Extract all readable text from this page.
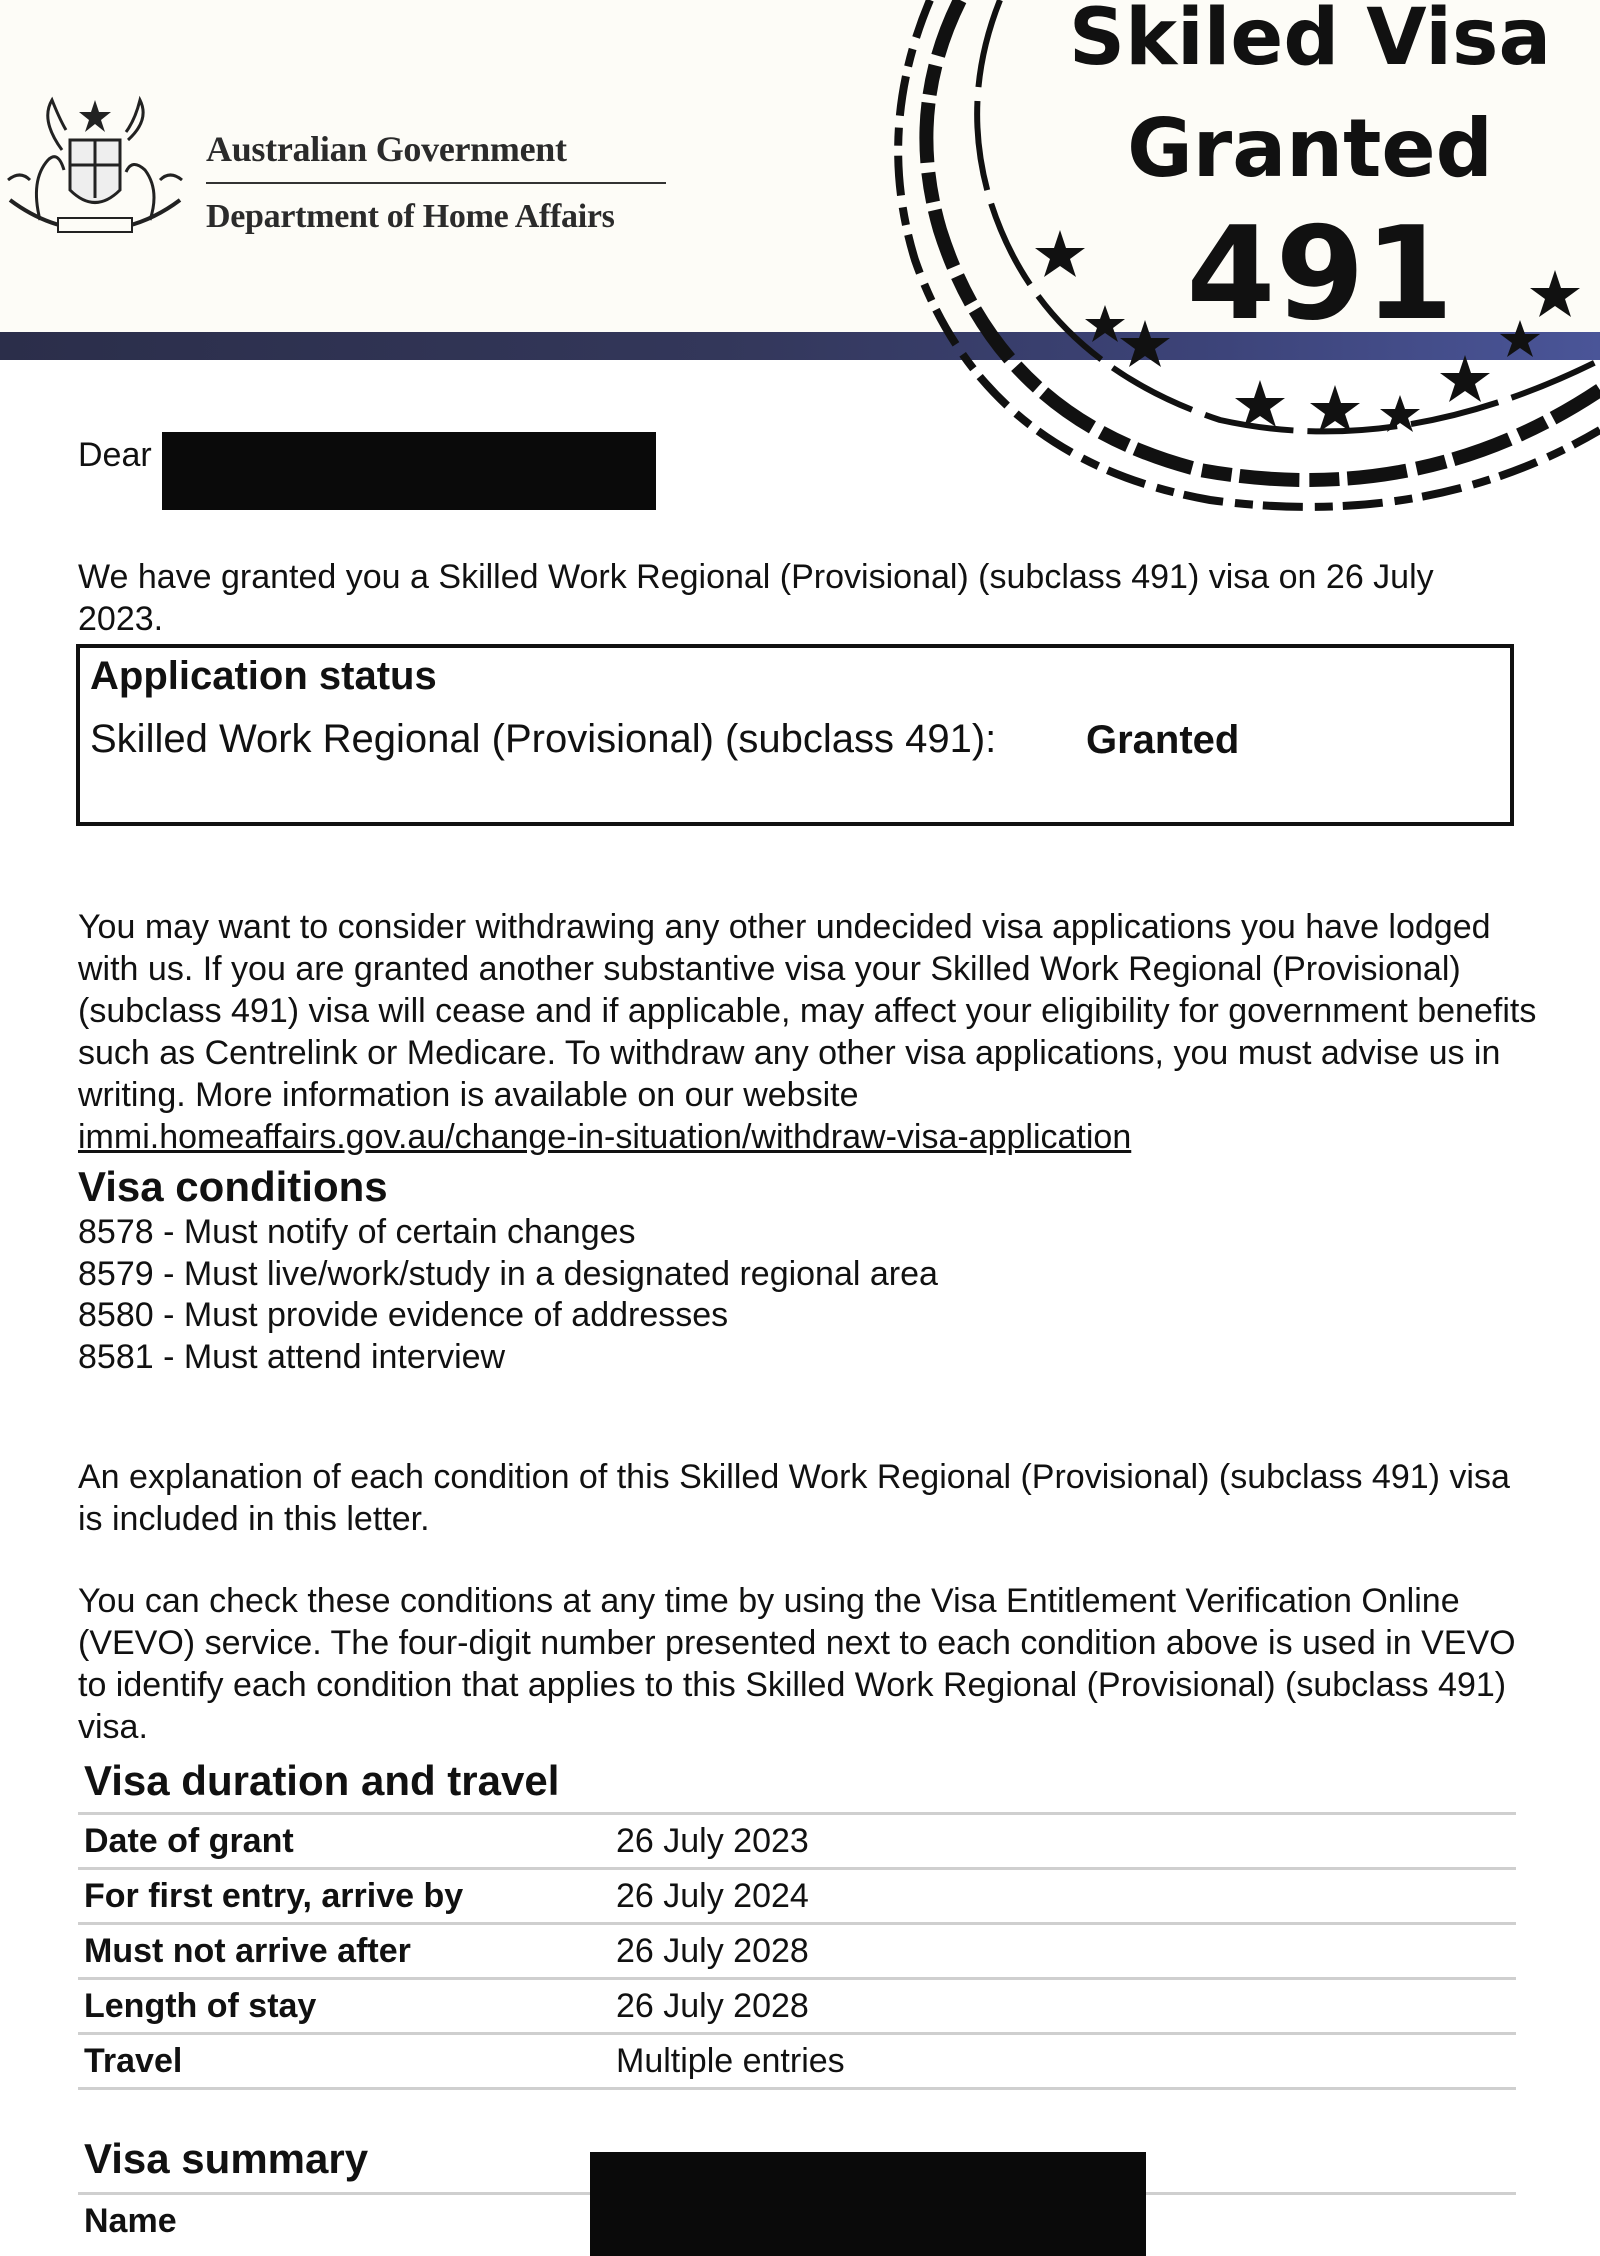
Australian Government
Department of Home Affairs
Skiled Visa
Granted
491
Dear

We have granted you a Skilled Work Regional (Provisional) (subclass 491) visa on 26 July 2023.

Application status
Skilled Work Regional (Provisional) (subclass 491):	Granted

You may want to consider withdrawing any other undecided visa applications you have lodged with us. If you are granted another substantive visa your Skilled Work Regional (Provisional) (subclass 491) visa will cease and if applicable, may affect your eligibility for government benefits such as Centrelink or Medicare. To withdraw any other visa applications, you must advise us in writing. More information is available on our website
immi.homeaffairs.gov.au/change-in-situation/withdraw-visa-application

Visa conditions
8578 - Must notify of certain changes
8579 - Must live/work/study in a designated regional area
8580 - Must provide evidence of addresses
8581 - Must attend interview

An explanation of each condition of this Skilled Work Regional (Provisional) (subclass 491) visa is included in this letter.

You can check these conditions at any time by using the Visa Entitlement Verification Online (VEVO) service. The four-digit number presented next to each condition above is used in VEVO to identify each condition that applies to this Skilled Work Regional (Provisional) (subclass 491) visa.

Visa duration and travel
Date of grant	26 July 2023
For first entry, arrive by	26 July 2024
Must not arrive after	26 July 2028
Length of stay	26 July 2028
Travel	Multiple entries
Visa summary
Name
